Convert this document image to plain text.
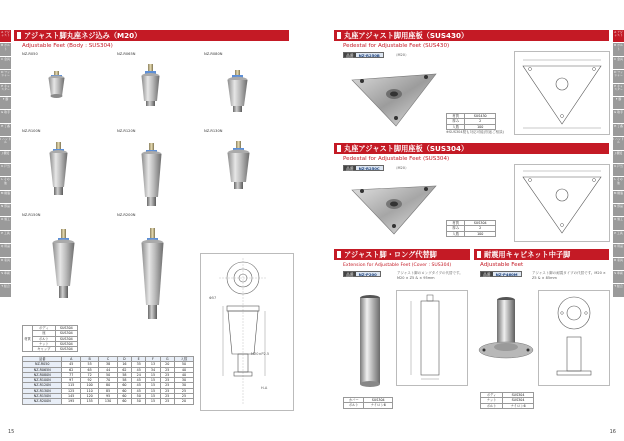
A アジャスト
B ボルト
C 金具
D ワッシャー
E キャスター
F 脚
G 取手
H 丁番
I ハンドル
J 棚受
K 戸当
L その他
M 樹脂
N 部品
O 施工
P 工具
Q 用品
R 家具
S 車両
T 総合
アジャスト脚丸座ネジ込み（M20）
Adjustable Feet (Body : SUS304)
NZ-R050	NZ-R065N	NZ-R080N
NZ-R100N	NZ-R120N	NZ-R130N
NZ-R150N	NZ-R200N
Φ57
M20×P2.5
H-A
材質	ボディ	SUS304
	座	SUS304
	ボルト	SUS304
	ナット	SUS304
	キャップ	SUS304
品番	A	B	C	D	E	F	G	入数
NZ-R050	45	55	38	16	35	13	20	50
NZ-R065N	62	65	44	62	45	34	25	40
NZ-R080N	77	72	50	58	24	15	25	40
NZ-R100N	97	92	70	58	45	15	25	30
NZ-R120N	115	100	80	60	45	15	25	30
NZ-R130N	125	110	85	60	45	15	25	25
NZ-R150N	145	120	95	60	50	15	25	25
NZ-R200N	195	155	130	60	50	15	25	20
15
A アジャスト
B ボルト
C 金具
D ワッシャー
E キャスター
F 脚
G 取手
H 丁番
I ハンドル
J 棚受
K 戸当
L その他
M 樹脂
N 部品
O 施工
P 工具
Q 用品
R 家具
S 車両
T 総合
丸座アジャスト脚用座板（SUS430）
Pedestal for Adjustable Feet (SUS430)
品番	NZ-R250B	（M20）
材質	SUS430
厚み	2
入数	100
※SUS304製も対応可能(別途ご相談)
丸座アジャスト脚用座板（SUS304）
Pedestal for Adjustable Feet (SUS304)
品番	NZ-R250C	（M20）
材質	SUS304
厚み	2
入数	100
アジャスト脚・ロング代替脚
Extension for Adjustable Feet (Cover : SUS304)
品番	NZ-P200	アジャスト脚のロングタイプの代替です。M20 × Z5 & × 95mm
カバー	SUS304
ボルト	ナイロン6
耐震用キャビネット中子脚
Adjustable Feet
品番	NZ-P460M	アジャスト脚の耐震タイプの代替です。M20 × Z5 & × 85mm
ボディ	SUS304
ナット	SUS304
ボルト	ナイロン6
16
